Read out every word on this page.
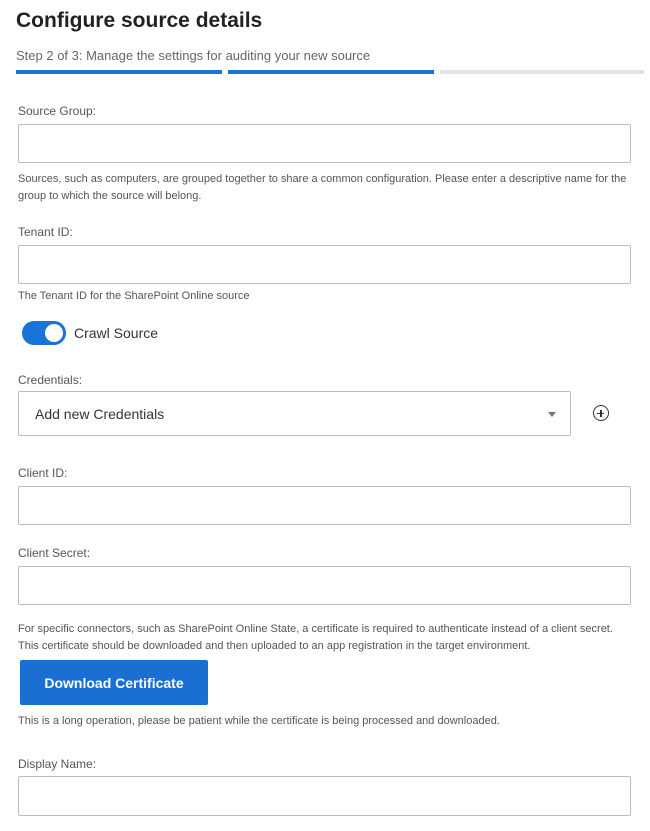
Configure source details
Step 2 of 3: Manage the settings for auditing your new source
Source Group:
Sources, such as computers, are grouped together to share a common configuration. Please enter a descriptive name for the group to which the source will belong.
Tenant ID:
The Tenant ID for the SharePoint Online source
Crawl Source
Credentials:
Add new Credentials
Client ID:
Client Secret:
For specific connectors, such as SharePoint Online State, a certificate is required to authenticate instead of a client secret. This certificate should be downloaded and then uploaded to an app registration in the target environment.
Download Certificate
This is a long operation, please be patient while the certificate is being processed and downloaded.
Display Name:
